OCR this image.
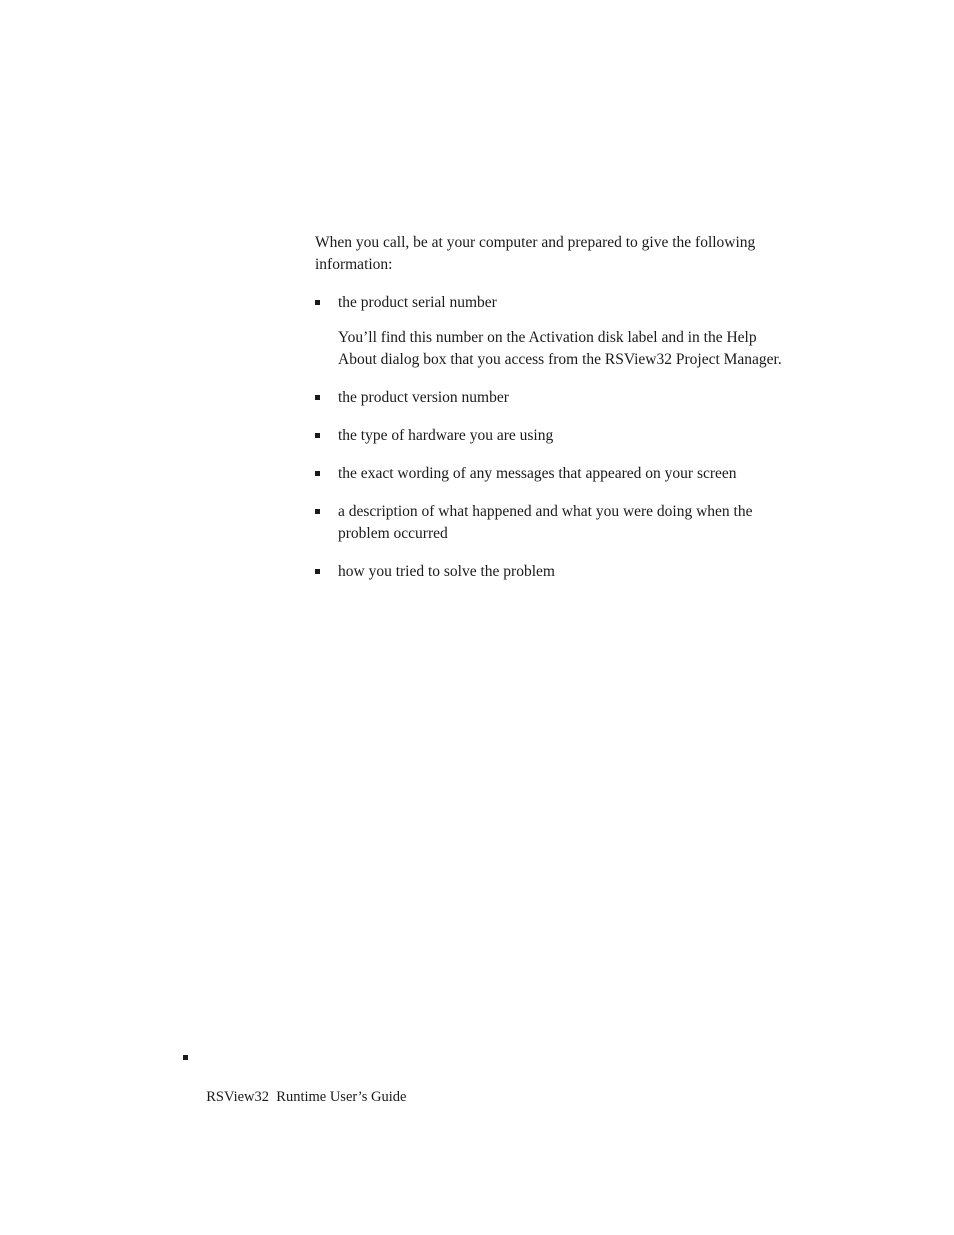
When you call, be at your computer and prepared to give the following information:

the product serial number
You’ll find this number on the Activation disk label and in the Help About dialog box that you access from the RSView32 Project Manager.
the product version number
the type of hardware you are using
the exact wording of any messages that appeared on your screen
a description of what happened and what you were doing when the problem occurred
how you tried to solve the problem

RSView32  Runtime User’s Guide
